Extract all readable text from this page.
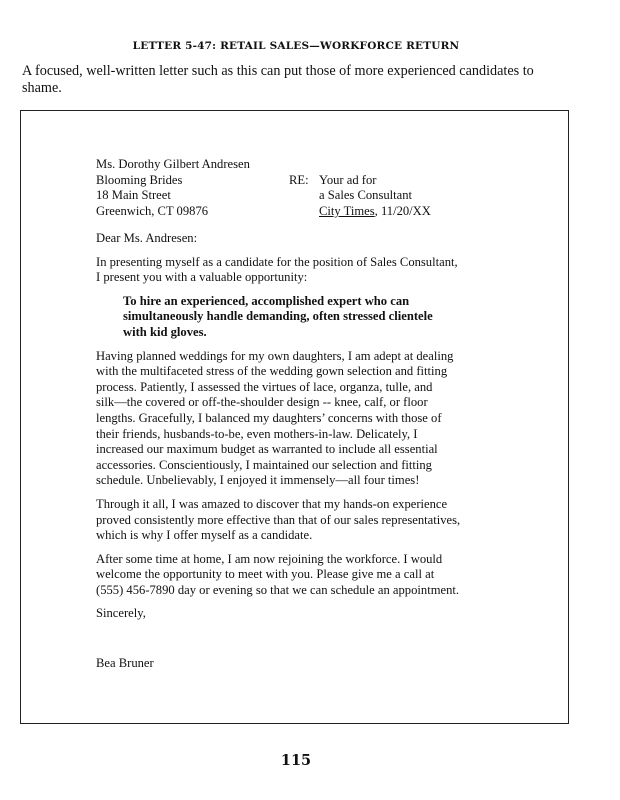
LETTER 5-47: RETAIL SALES—WORKFORCE RETURN
A focused, well-written letter such as this can put those of more experienced candidates to
shame.
Ms. Dorothy Gilbert Andresen
Blooming Brides
18 Main Street
Greenwich, CT 09876
RE: Your ad for
a Sales Consultant
City Times, 11/20/XX
Dear Ms. Andresen:
In presenting myself as a candidate for the position of Sales Consultant,
I present you with a valuable opportunity:
To hire an experienced, accomplished expert who can
simultaneously handle demanding, often stressed clientele
with kid gloves.
Having planned weddings for my own daughters, I am adept at dealing
with the multifaceted stress of the wedding gown selection and fitting
process. Patiently, I assessed the virtues of lace, organza, tulle, and
silk—the covered or off-the-shoulder design -- knee, calf, or floor
lengths. Gracefully, I balanced my daughters’ concerns with those of
their friends, husbands-to-be, even mothers-in-law. Delicately, I
increased our maximum budget as warranted to include all essential
accessories. Conscientiously, I maintained our selection and fitting
schedule. Unbelievably, I enjoyed it immensely—all four times!
Through it all, I was amazed to discover that my hands-on experience
proved consistently more effective than that of our sales representatives,
which is why I offer myself as a candidate.
After some time at home, I am now rejoining the workforce. I would
welcome the opportunity to meet with you. Please give me a call at
(555) 456-7890 day or evening so that we can schedule an appointment.
Sincerely,
Bea Bruner
115
